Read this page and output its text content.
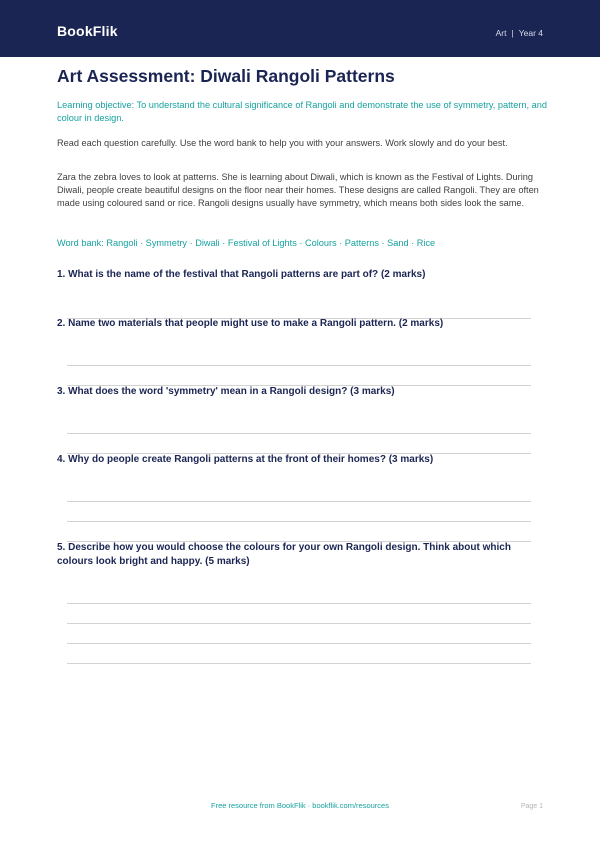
BookFlik	Art | Year 4
Art Assessment: Diwali Rangoli Patterns
Learning objective: To understand the cultural significance of Rangoli and demonstrate the use of symmetry, pattern, and colour in design.
Read each question carefully. Use the word bank to help you with your answers. Work slowly and do your best.
Zara the zebra loves to look at patterns. She is learning about Diwali, which is known as the Festival of Lights. During Diwali, people create beautiful designs on the floor near their homes. These designs are called Rangoli. They are often made using coloured sand or rice. Rangoli designs usually have symmetry, which means both sides look the same.
Word bank: Rangoli · Symmetry · Diwali · Festival of Lights · Colours · Patterns · Sand · Rice
1. What is the name of the festival that Rangoli patterns are part of? (2 marks)
2. Name two materials that people might use to make a Rangoli pattern. (2 marks)
3. What does the word 'symmetry' mean in a Rangoli design? (3 marks)
4. Why do people create Rangoli patterns at the front of their homes? (3 marks)
5. Describe how you would choose the colours for your own Rangoli design. Think about which colours look bright and happy. (5 marks)
Free resource from BookFlik · bookflik.com/resources	Page 1
